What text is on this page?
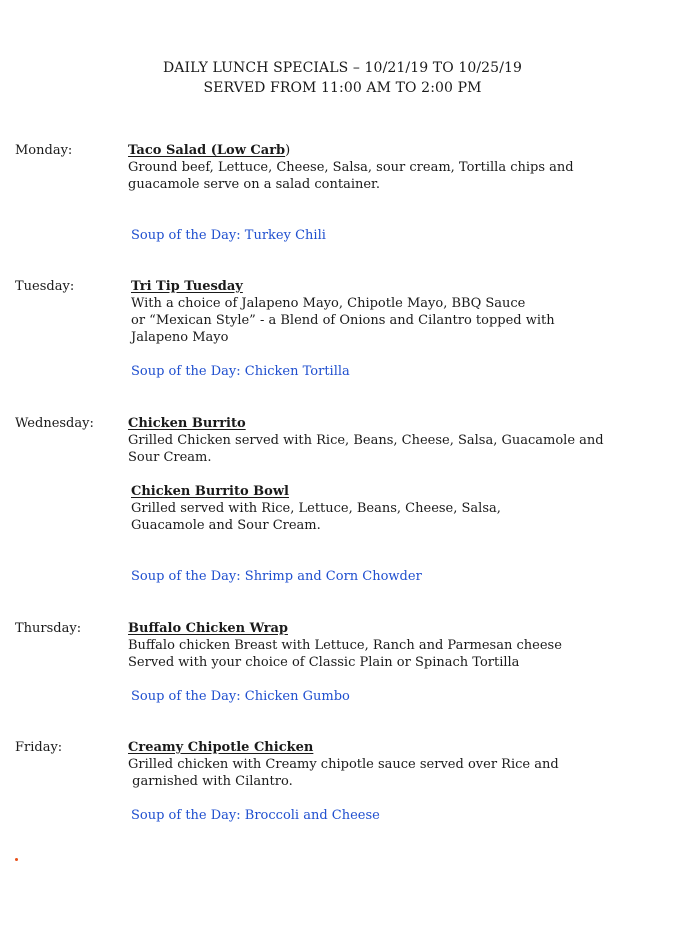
DAILY LUNCH SPECIALS – 10/21/19 TO 10/25/19
SERVED FROM 11:00 AM TO 2:00 PM
Monday:	Taco Salad (Low Carb)
Ground beef, Lettuce, Cheese, Salsa, sour cream, Tortilla chips and
guacamole serve on a salad container.
Soup of the Day: Turkey Chili
Tuesday:	Tri Tip Tuesday
With a choice of Jalapeno Mayo, Chipotle Mayo, BBQ Sauce
or “Mexican Style” - a Blend of Onions and Cilantro topped with
Jalapeno Mayo
Soup of the Day: Chicken Tortilla
Wednesday:	Chicken Burrito
Grilled Chicken served with Rice, Beans, Cheese, Salsa, Guacamole and
Sour Cream.
Chicken Burrito Bowl
Grilled served with Rice, Lettuce, Beans, Cheese, Salsa,
Guacamole and Sour Cream.
Soup of the Day: Shrimp and Corn Chowder
Thursday:	Buffalo Chicken Wrap
Buffalo chicken Breast with Lettuce, Ranch and Parmesan cheese
Served with your choice of Classic Plain or Spinach Tortilla
Soup of the Day: Chicken Gumbo
Friday:	Creamy Chipotle Chicken
Grilled chicken with Creamy chipotle sauce served over Rice and
garnished with Cilantro.
Soup of the Day: Broccoli and Cheese
